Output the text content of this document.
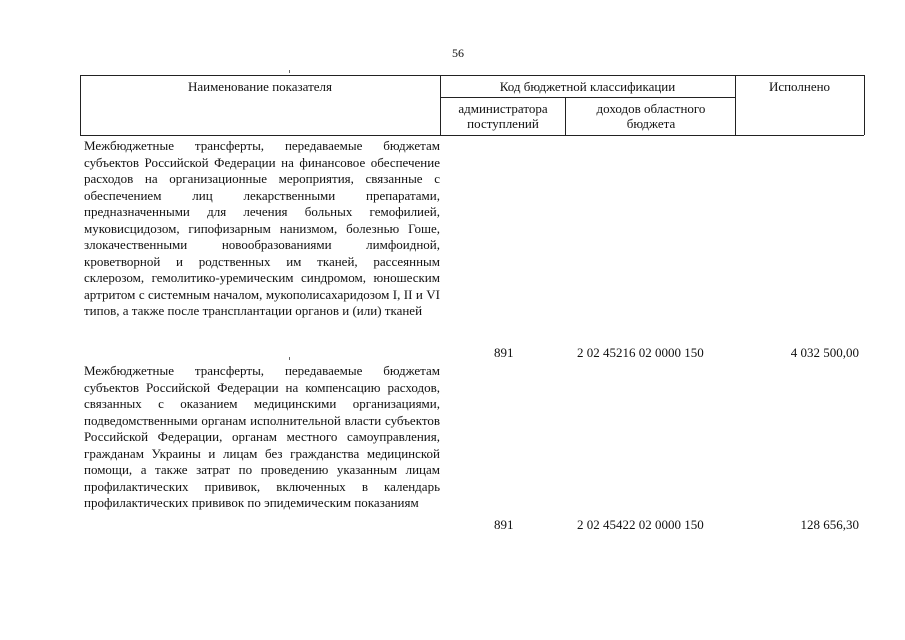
56
Наименование показателя	Код бюджетной классификации	Исполнено
администратора поступлений
доходов областного бюджета
Межбюджетные трансферты, передаваемые бюджетам субъектов Российской Федерации на финансовое обеспечение расходов на организационные мероприятия, связанные с обеспечением лиц лекарственными препаратами, предназначенными для лечения больных гемофилией, муковисцидозом, гипофизарным нанизмом, болезнью Гоше, злокачественными новообразованиями лимфоидной, кроветворной и родственных им тканей, рассеянным склерозом, гемолитико-уремическим синдромом, юношеским артритом с системным началом, мукополисахаридозом I, II и VI типов, а также после трансплантации органов и (или) тканей
891	2 02 45216 02 0000 150	4 032 500,00
Межбюджетные трансферты, передаваемые бюджетам субъектов Российской Федерации на компенсацию расходов, связанных с оказанием медицинскими организациями, подведомственными органам исполнительной власти субъектов Российской Федерации, органам местного самоуправления, гражданам Украины и лицам без гражданства медицинской помощи, а также затрат по проведению указанным лицам профилактических прививок, включенных в календарь профилактических прививок по эпидемическим показаниям
891	2 02 45422 02 0000 150	128 656,30
